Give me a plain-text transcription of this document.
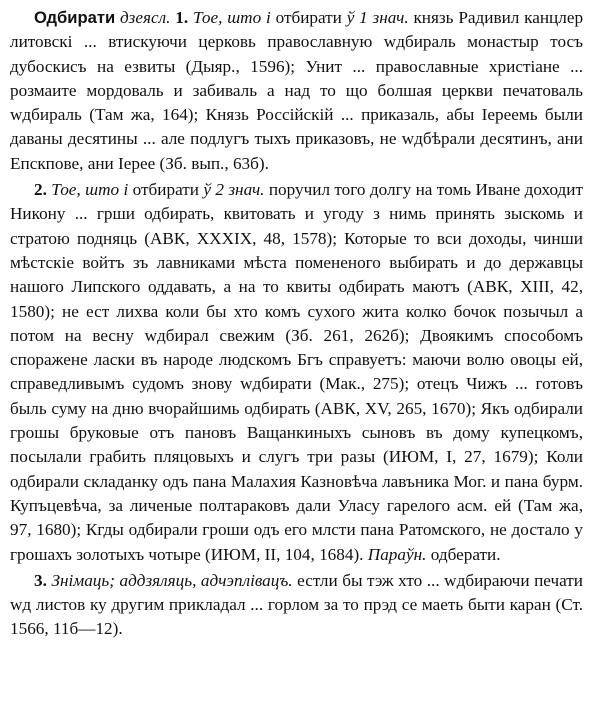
Одбирати дзеясл. 1. Тое, што і отбирати ў 1 знач. князь Радивил канцлер литовскі ... втискуючи церковь православную wдбираль монастыр тосъ дубоскисъ на езвиты (Дыяр., 1596); Унит ... православные христiане ... розмаите мордоваль и забиваль а над то що болшая церкви печатоваль wдбираль (Там жа, 164); Князь Россiйскій ... приказаль, абы Iереемь были даваны десятины ... але подлугъ тыхъ приказовъ, не wдбѣрали десятинъ, ани Епскпове, ани Iерее (Зб. вып., 63б).

2. Тое, што і отбирати ў 2 знач. поручил того долгу на томь Иване доходит Никону ... грши одбирать, квитовать и угоду з нимь принять зыскомь и стратою подняць (АВК, XXXIX, 48, 1578); Которые то вси доходы, чинши мѣстскіе войтъ зъ лавниками мѣста помененого выбирать и до державцы нашого Липского оддавать, а на то квиты одбирать маютъ (АВК, XIII, 42, 1580); не ест лихва коли бы хто комъ сухого жита колко бочок позычыл а потом на весну wдбирал свежим (Зб. 261, 262б); Двоякимъ способомъ споражене ласки въ народе людскомъ Бгъ справуетъ: маючи волю овоцы ей, справедливымъ судомъ знову wдбирати (Мак., 275); отецъ Чижъ ... готовъ быль суму на дню вчорайшимь одбирать (АВК, XV, 265, 1670); Якъ одбирали грошы бруковые отъ пановъ Ващанкиныхъ сыновъ въ дому купецкомъ, посылали грабить пляцовыхъ и слугъ три разы (ИЮМ, I, 27, 1679); Коли одбирали складанку одъ пана Малахия Казновѣча лавъника Мог. и пана бурм. Купъцевѣча, за личеные полтараковъ дали Уласу гарелого асм. ей (Там жа, 97, 1680); Кгды одбирали гроши одъ его млсти пана Ратомского, не достало у грошахъ золотыхъ чотыре (ИЮМ, II, 104, 1684). Параўн. одберати.

3. Знімаць; аддзяляць, адчэплівацъ. естли бы тэж хто ... wдбираючи печати wд листов ку другим прикладал ... горлом за то прэд се маеть быти каран (Ст. 1566, 11б—12).
